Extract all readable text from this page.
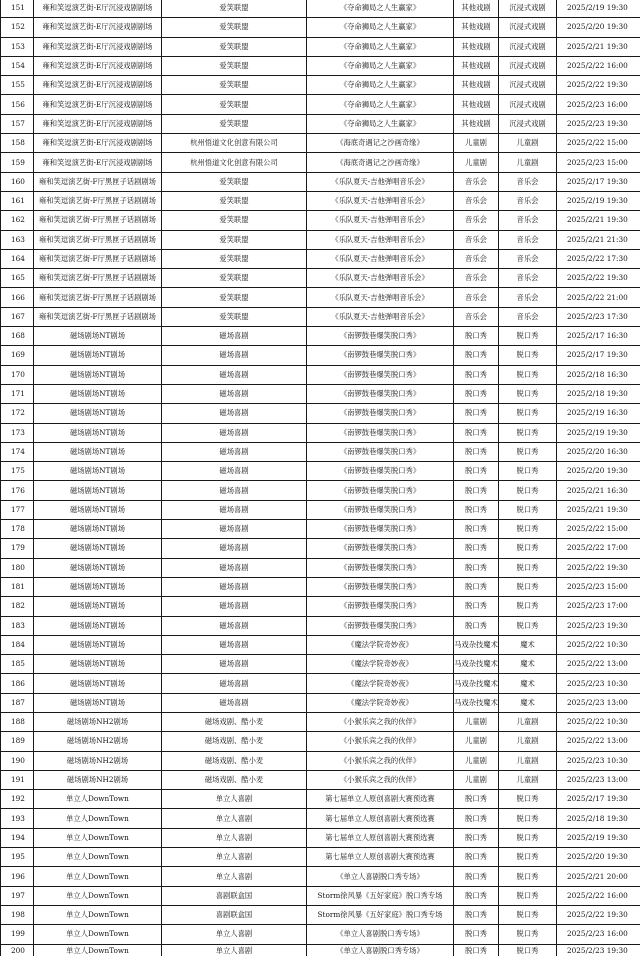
151	雍和笑逗演艺街-E厅沉浸戏剧剧场	爱笑联盟	《夺命狮局之人生赢家》	其他戏剧	沉浸式戏剧	2025/2/19 19:30
152	雍和笑逗演艺街-E厅沉浸戏剧剧场	爱笑联盟	《夺命狮局之人生赢家》	其他戏剧	沉浸式戏剧	2025/2/20 19:30
153	雍和笑逗演艺街-E厅沉浸戏剧剧场	爱笑联盟	《夺命狮局之人生赢家》	其他戏剧	沉浸式戏剧	2025/2/21 19:30
154	雍和笑逗演艺街-E厅沉浸戏剧剧场	爱笑联盟	《夺命狮局之人生赢家》	其他戏剧	沉浸式戏剧	2025/2/22 16:00
155	雍和笑逗演艺街-E厅沉浸戏剧剧场	爱笑联盟	《夺命狮局之人生赢家》	其他戏剧	沉浸式戏剧	2025/2/22 19:30
156	雍和笑逗演艺街-E厅沉浸戏剧剧场	爱笑联盟	《夺命狮局之人生赢家》	其他戏剧	沉浸式戏剧	2025/2/23 16:00
157	雍和笑逗演艺街-E厅沉浸戏剧剧场	爱笑联盟	《夺命狮局之人生赢家》	其他戏剧	沉浸式戏剧	2025/2/23 19:30
158	雍和笑逗演艺街-E厅沉浸戏剧剧场	杭州悟道文化创意有限公司	《海底奇遇记之沙画奇缘》	儿童剧	儿童剧	2025/2/22 15:00
159	雍和笑逗演艺街-E厅沉浸戏剧剧场	杭州悟道文化创意有限公司	《海底奇遇记之沙画奇缘》	儿童剧	儿童剧	2025/2/23 15:00
160	雍和笑逗演艺街-F厅黑匣子话剧剧场	爱笑联盟	《乐队夏天-吉他弹唱音乐会》	音乐会	音乐会	2025/2/17 19:30
161	雍和笑逗演艺街-F厅黑匣子话剧剧场	爱笑联盟	《乐队夏天-吉他弹唱音乐会》	音乐会	音乐会	2025/2/19 19:30
162	雍和笑逗演艺街-F厅黑匣子话剧剧场	爱笑联盟	《乐队夏天-吉他弹唱音乐会》	音乐会	音乐会	2025/2/21 19:30
163	雍和笑逗演艺街-F厅黑匣子话剧剧场	爱笑联盟	《乐队夏天-吉他弹唱音乐会》	音乐会	音乐会	2025/2/21 21:30
164	雍和笑逗演艺街-F厅黑匣子话剧剧场	爱笑联盟	《乐队夏天-吉他弹唱音乐会》	音乐会	音乐会	2025/2/22 17:30
165	雍和笑逗演艺街-F厅黑匣子话剧剧场	爱笑联盟	《乐队夏天-吉他弹唱音乐会》	音乐会	音乐会	2025/2/22 19:30
166	雍和笑逗演艺街-F厅黑匣子话剧剧场	爱笑联盟	《乐队夏天-吉他弹唱音乐会》	音乐会	音乐会	2025/2/22 21:00
167	雍和笑逗演艺街-F厅黑匣子话剧剧场	爱笑联盟	《乐队夏天-吉他弹唱音乐会》	音乐会	音乐会	2025/2/23 17:30
168	磁场剧场NT剧场	磁场喜剧	《南锣鼓巷爆笑脱口秀》	脱口秀	脱口秀	2025/2/17 16:30
169	磁场剧场NT剧场	磁场喜剧	《南锣鼓巷爆笑脱口秀》	脱口秀	脱口秀	2025/2/17 19:30
170	磁场剧场NT剧场	磁场喜剧	《南锣鼓巷爆笑脱口秀》	脱口秀	脱口秀	2025/2/18 16:30
171	磁场剧场NT剧场	磁场喜剧	《南锣鼓巷爆笑脱口秀》	脱口秀	脱口秀	2025/2/18 19:30
172	磁场剧场NT剧场	磁场喜剧	《南锣鼓巷爆笑脱口秀》	脱口秀	脱口秀	2025/2/19 16:30
173	磁场剧场NT剧场	磁场喜剧	《南锣鼓巷爆笑脱口秀》	脱口秀	脱口秀	2025/2/19 19:30
174	磁场剧场NT剧场	磁场喜剧	《南锣鼓巷爆笑脱口秀》	脱口秀	脱口秀	2025/2/20 16:30
175	磁场剧场NT剧场	磁场喜剧	《南锣鼓巷爆笑脱口秀》	脱口秀	脱口秀	2025/2/20 19:30
176	磁场剧场NT剧场	磁场喜剧	《南锣鼓巷爆笑脱口秀》	脱口秀	脱口秀	2025/2/21 16:30
177	磁场剧场NT剧场	磁场喜剧	《南锣鼓巷爆笑脱口秀》	脱口秀	脱口秀	2025/2/21 19:30
178	磁场剧场NT剧场	磁场喜剧	《南锣鼓巷爆笑脱口秀》	脱口秀	脱口秀	2025/2/22 15:00
179	磁场剧场NT剧场	磁场喜剧	《南锣鼓巷爆笑脱口秀》	脱口秀	脱口秀	2025/2/22 17:00
180	磁场剧场NT剧场	磁场喜剧	《南锣鼓巷爆笑脱口秀》	脱口秀	脱口秀	2025/2/22 19:30
181	磁场剧场NT剧场	磁场喜剧	《南锣鼓巷爆笑脱口秀》	脱口秀	脱口秀	2025/2/23 15:00
182	磁场剧场NT剧场	磁场喜剧	《南锣鼓巷爆笑脱口秀》	脱口秀	脱口秀	2025/2/23 17:00
183	磁场剧场NT剧场	磁场喜剧	《南锣鼓巷爆笑脱口秀》	脱口秀	脱口秀	2025/2/23 19:30
184	磁场剧场NT剧场	磁场喜剧	《魔法学院奇妙夜》	马戏杂技魔术	魔术	2025/2/22 10:30
185	磁场剧场NT剧场	磁场喜剧	《魔法学院奇妙夜》	马戏杂技魔术	魔术	2025/2/22 13:00
186	磁场剧场NT剧场	磁场喜剧	《魔法学院奇妙夜》	马戏杂技魔术	魔术	2025/2/23 10:30
187	磁场剧场NT剧场	磁场喜剧	《魔法学院奇妙夜》	马戏杂技魔术	魔术	2025/2/23 13:00
188	磁场剧场NH2剧场	磁场戏剧、酷小麦	《小猴乐宾之我的伙伴》	儿童剧	儿童剧	2025/2/22 10:30
189	磁场剧场NH2剧场	磁场戏剧、酷小麦	《小猴乐宾之我的伙伴》	儿童剧	儿童剧	2025/2/22 13:00
190	磁场剧场NH2剧场	磁场戏剧、酷小麦	《小猴乐宾之我的伙伴》	儿童剧	儿童剧	2025/2/23 10:30
191	磁场剧场NH2剧场	磁场戏剧、酷小麦	《小猴乐宾之我的伙伴》	儿童剧	儿童剧	2025/2/23 13:00
192	单立人DownTown	单立人喜剧	第七届单立人原创喜剧大赛预选赛	脱口秀	脱口秀	2025/2/17 19:30
193	单立人DownTown	单立人喜剧	第七届单立人原创喜剧大赛预选赛	脱口秀	脱口秀	2025/2/18 19:30
194	单立人DownTown	单立人喜剧	第七届单立人原创喜剧大赛预选赛	脱口秀	脱口秀	2025/2/19 19:30
195	单立人DownTown	单立人喜剧	第七届单立人原创喜剧大赛预选赛	脱口秀	脱口秀	2025/2/20 19:30
196	单立人DownTown	单立人喜剧	《单立人喜剧脱口秀专场》	脱口秀	脱口秀	2025/2/21 20:00
197	单立人DownTown	喜剧联盒国	Storm徐风暴《五好家庭》脱口秀专场	脱口秀	脱口秀	2025/2/22 16:00
198	单立人DownTown	喜剧联盒国	Storm徐风暴《五好家庭》脱口秀专场	脱口秀	脱口秀	2025/2/22 19:30
199	单立人DownTown	单立人喜剧	《单立人喜剧脱口秀专场》	脱口秀	脱口秀	2025/2/23 16:00
200	单立人DownTown	单立人喜剧	《单立人喜剧脱口秀专场》	脱口秀	脱口秀	2025/2/23 19:30
